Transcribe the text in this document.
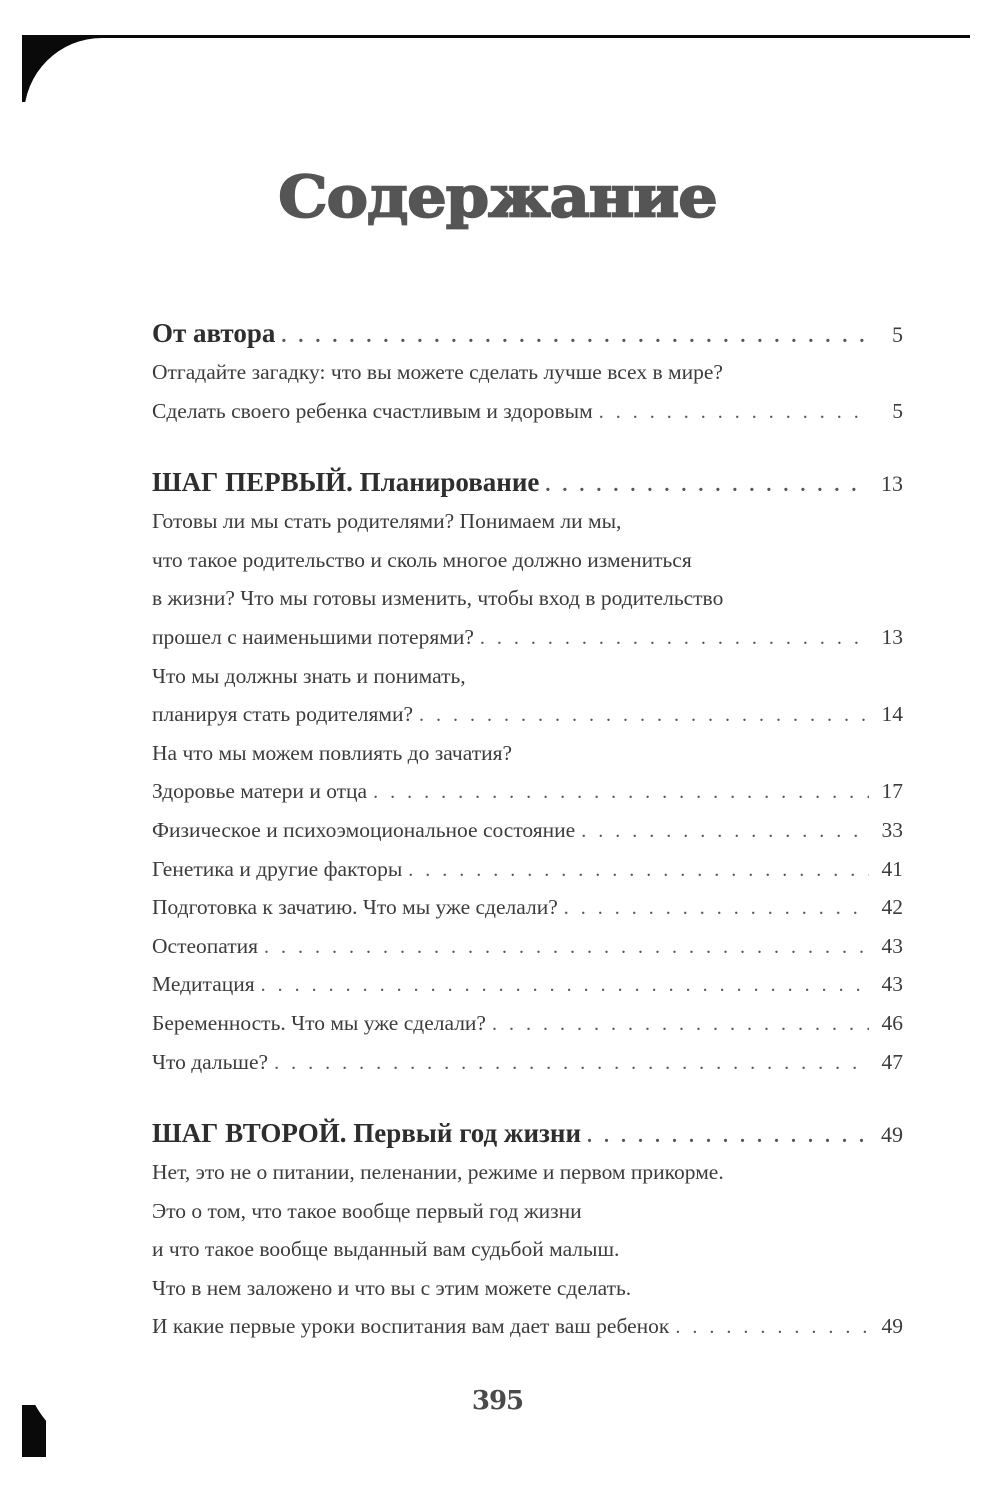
Содержание
От автора . . .	5
Отгадайте загадку: что вы можете сделать лучше всех в мире?
Сделать своего ребенка счастливым и здоровым . . .	5
ШАГ ПЕРВЫЙ. Планирование . . .	13
Готовы ли мы стать родителями? Понимаем ли мы,
что такое родительство и сколь многое должно измениться
в жизни? Что мы готовы изменить, чтобы вход в родительство
прошел с наименьшими потерями? . . .	13
Что мы должны знать и понимать,
планируя стать родителями? . . .	14
На что мы можем повлиять до зачатия?
Здоровье матери и отца . . .	17
Физическое и психоэмоциональное состояние . . .	33
Генетика и другие факторы . . .	41
Подготовка к зачатию. Что мы уже сделали? . . .	42
Остеопатия . . .	43
Медитация . . .	43
Беременность. Что мы уже сделали? . . .	46
Что дальше? . . .	47
ШАГ ВТОРОЙ. Первый год жизни . . .	49
Нет, это не о питании, пеленании, режиме и первом прикорме.
Это о том, что такое вообще первый год жизни
и что такое вообще выданный вам судьбой малыш.
Что в нем заложено и что вы с этим можете сделать.
И какие первые уроки воспитания вам дает ваш ребенок . . .	49
395
